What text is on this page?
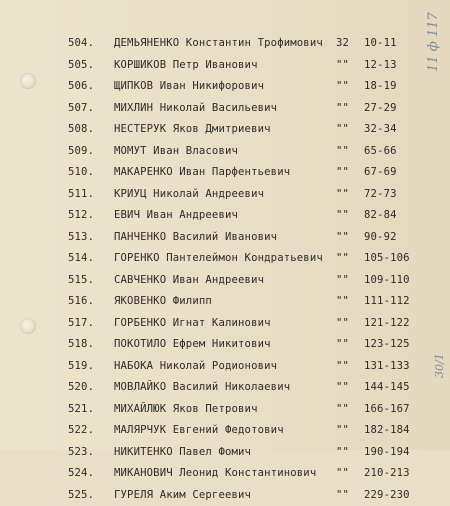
504.	ДЕМЬЯНЕНКО Константин Трофимович 32	10-11
505.	КОРШИКОВ Петр Иванович	""	12-13
506.	ЩИПКОВ Иван Никифорович	""	18-19
507.	МИХЛИН Николай Васильевич	""	27-29
508.	НЕСТЕРУК Яков Дмитриевич	""	32-34
509.	МОМУТ Иван Власович	""	65-66
510.	МАКАРЕНКО Иван Парфентьевич	""	67-69
511.	КРИУЦ Николай Андреевич	""	72-73
512.	ЕВИЧ Иван Андреевич	""	82-84
513.	ПАНЧЕНКО Василий Иванович	""	90-92
514.	ГОРЕНКО Пантелеймон Кондратьевич ""	105-106
515.	САВЧЕНКО Иван Андреевич	""	109-110
516.	ЯКОВЕНКО Филипп	""	111-112
517.	ГОРБЕНКО Игнат Калинович	""	121-122
518.	ПОКОТИЛО Ефрем Никитович	""	123-125
519.	НАБОКА Николай Родионович	""	131-133
520.	МОВЛАЙКО Василий Николаевич	""	144-145
521.	МИХАЙЛЮК Яков Петрович	""	166-167
522.	МАЛЯРЧУК Евгений Федотович	""	182-184
523.	НИКИТЕНКО Павел Фомич	""	190-194
524.	МИКАНОВИЧ Леонид Константинович ""	210-213
525.	ГУРЕЛЯ Аким Сергеевич	""	229-230
11 ф 117
30/1
